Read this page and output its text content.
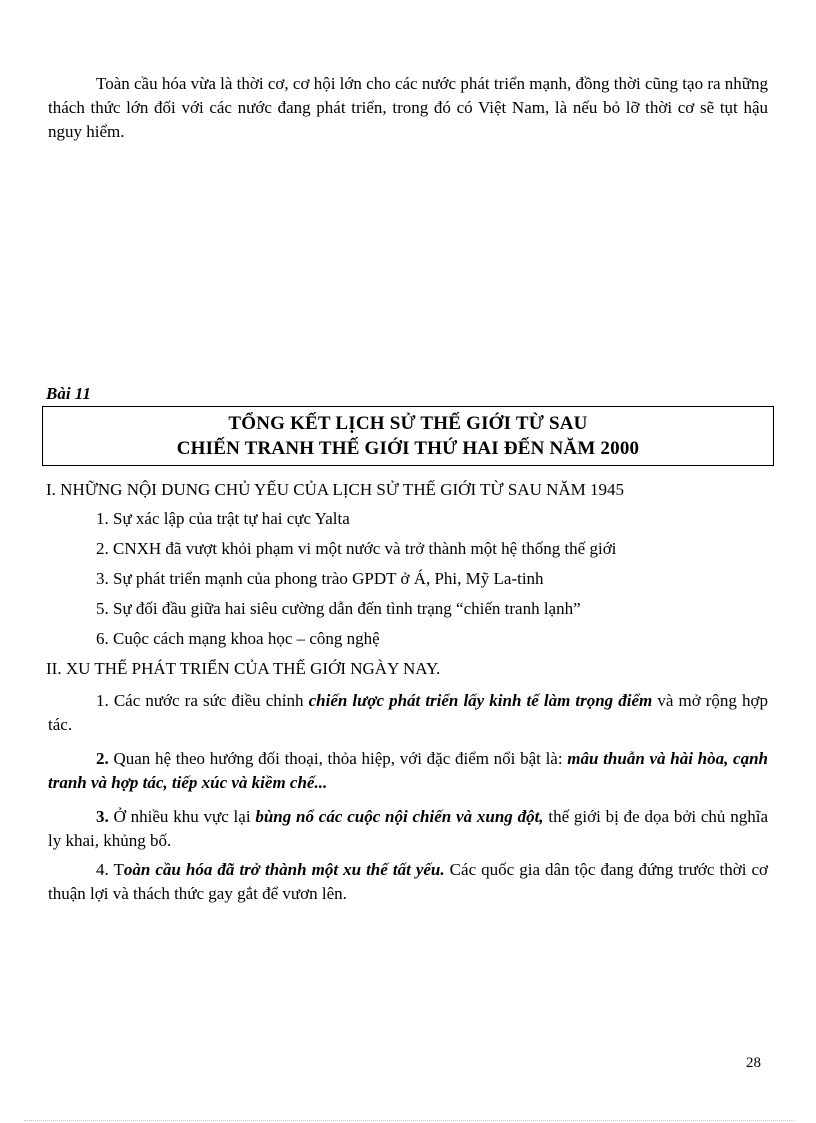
Toàn cầu hóa vừa là thời cơ, cơ hội lớn cho các nước phát triển mạnh, đồng thời cũng tạo ra những thách thức lớn đối với các nước đang phát triển, trong đó có Việt Nam, là nếu bỏ lỡ thời cơ sẽ tụt hậu nguy hiểm.

Bài 11
TỔNG KẾT LỊCH SỬ THẾ GIỚI TỪ SAU
CHIẾN TRANH THẾ GIỚI THỨ HAI ĐẾN NĂM 2000

I. NHỮNG NỘI DUNG CHỦ YẾU CỦA LỊCH SỬ THẾ GIỚI TỪ SAU NĂM 1945

1. Sự xác lập của trật tự hai cực Yalta

2. CNXH đã vượt khỏi phạm vi một nước và trở thành một hệ thống thế giới

3. Sự phát triển mạnh của phong trào GPDT ở Á, Phi, Mỹ La-tinh

5. Sự đối đầu giữa hai siêu cường dẫn đến tình trạng “chiến tranh lạnh”

6. Cuộc cách mạng khoa học – công nghệ

II. XU THẾ PHÁT TRIỂN CỦA THẾ GIỚI NGÀY NAY.

1. Các nước ra sức điều chỉnh chiến lược phát triển lấy kinh tế làm trọng điểm và mở rộng hợp tác.

2. Quan hệ theo hướng đối thoại, thỏa hiệp, với đặc điểm nổi bật là: mâu thuẫn và hài hòa, cạnh tranh và hợp tác, tiếp xúc và kiềm chế...

3. Ở nhiều khu vực lại bùng nổ các cuộc nội chiến và xung đột, thế giới bị đe dọa bởi chủ nghĩa ly khai, khủng bố.

4. Toàn cầu hóa đã trở thành một xu thế tất yếu. Các quốc gia dân tộc đang đứng trước thời cơ thuận lợi và thách thức gay gắt để vươn lên.

28
